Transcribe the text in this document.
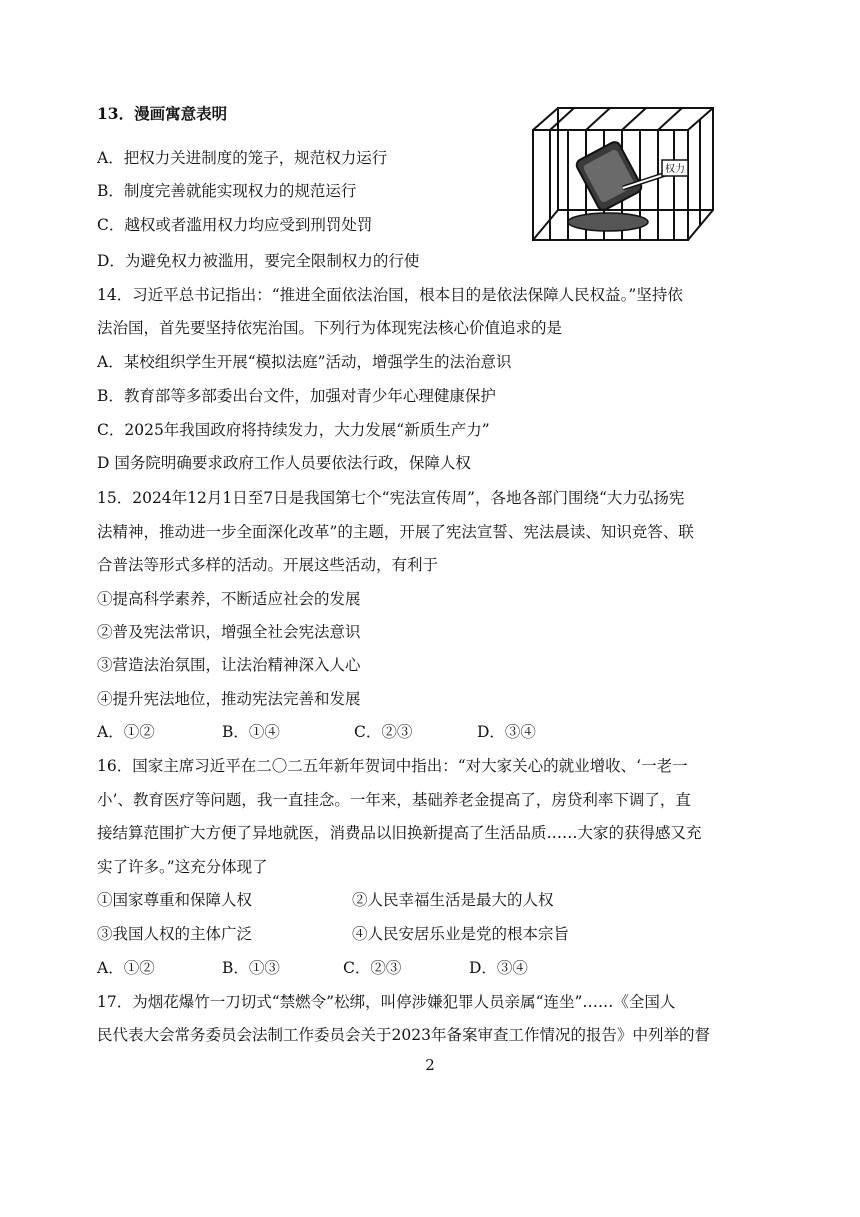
13．漫画寓意表明
A．把权力关进制度的笼子，规范权力运行
B．制度完善就能实现权力的规范运行
C．越权或者滥用权力均应受到刑罚处罚
D．为避免权力被滥用，要完全限制权力的行使
权力
14．习近平总书记指出：“推进全面依法治国，根本目的是依法保障人民权益。”坚持依
法治国，首先要坚持依宪治国。下列行为体现宪法核心价值追求的是
A．某校组织学生开展“模拟法庭”活动，增强学生的法治意识
B．教育部等多部委出台文件，加强对青少年心理健康保护
C．2025年我国政府将持续发力，大力发展“新质生产力”
D 国务院明确要求政府工作人员要依法行政，保障人权
15．2024年12月1日至7日是我国第七个“宪法宣传周”，各地各部门围绕“大力弘扬宪
法精神，推动进一步全面深化改革”的主题，开展了宪法宣誓、宪法晨读、知识竞答、联
合普法等形式多样的活动。开展这些活动，有利于
①提高科学素养，不断适应社会的发展
②普及宪法常识，增强全社会宪法意识
③营造法治氛围，让法治精神深入人心
④提升宪法地位，推动宪法完善和发展
A．①②	B．①④	C．②③	D．③④
16．国家主席习近平在二〇二五年新年贺词中指出：“对大家关心的就业增收、‘一老一
小’、教育医疗等问题，我一直挂念。一年来，基础养老金提高了，房贷利率下调了，直
接结算范围扩大方便了异地就医，消费品以旧换新提高了生活品质……大家的获得感又充
实了许多。”这充分体现了
①国家尊重和保障人权	②人民幸福生活是最大的人权
③我国人权的主体广泛	④人民安居乐业是党的根本宗旨
A．①②	B．①③	C．②③	D．③④
17．为烟花爆竹一刀切式“禁燃令”松绑，叫停涉嫌犯罪人员亲属“连坐”……《全国人
民代表大会常务委员会法制工作委员会关于2023年备案审查工作情况的报告》中列举的督
2
